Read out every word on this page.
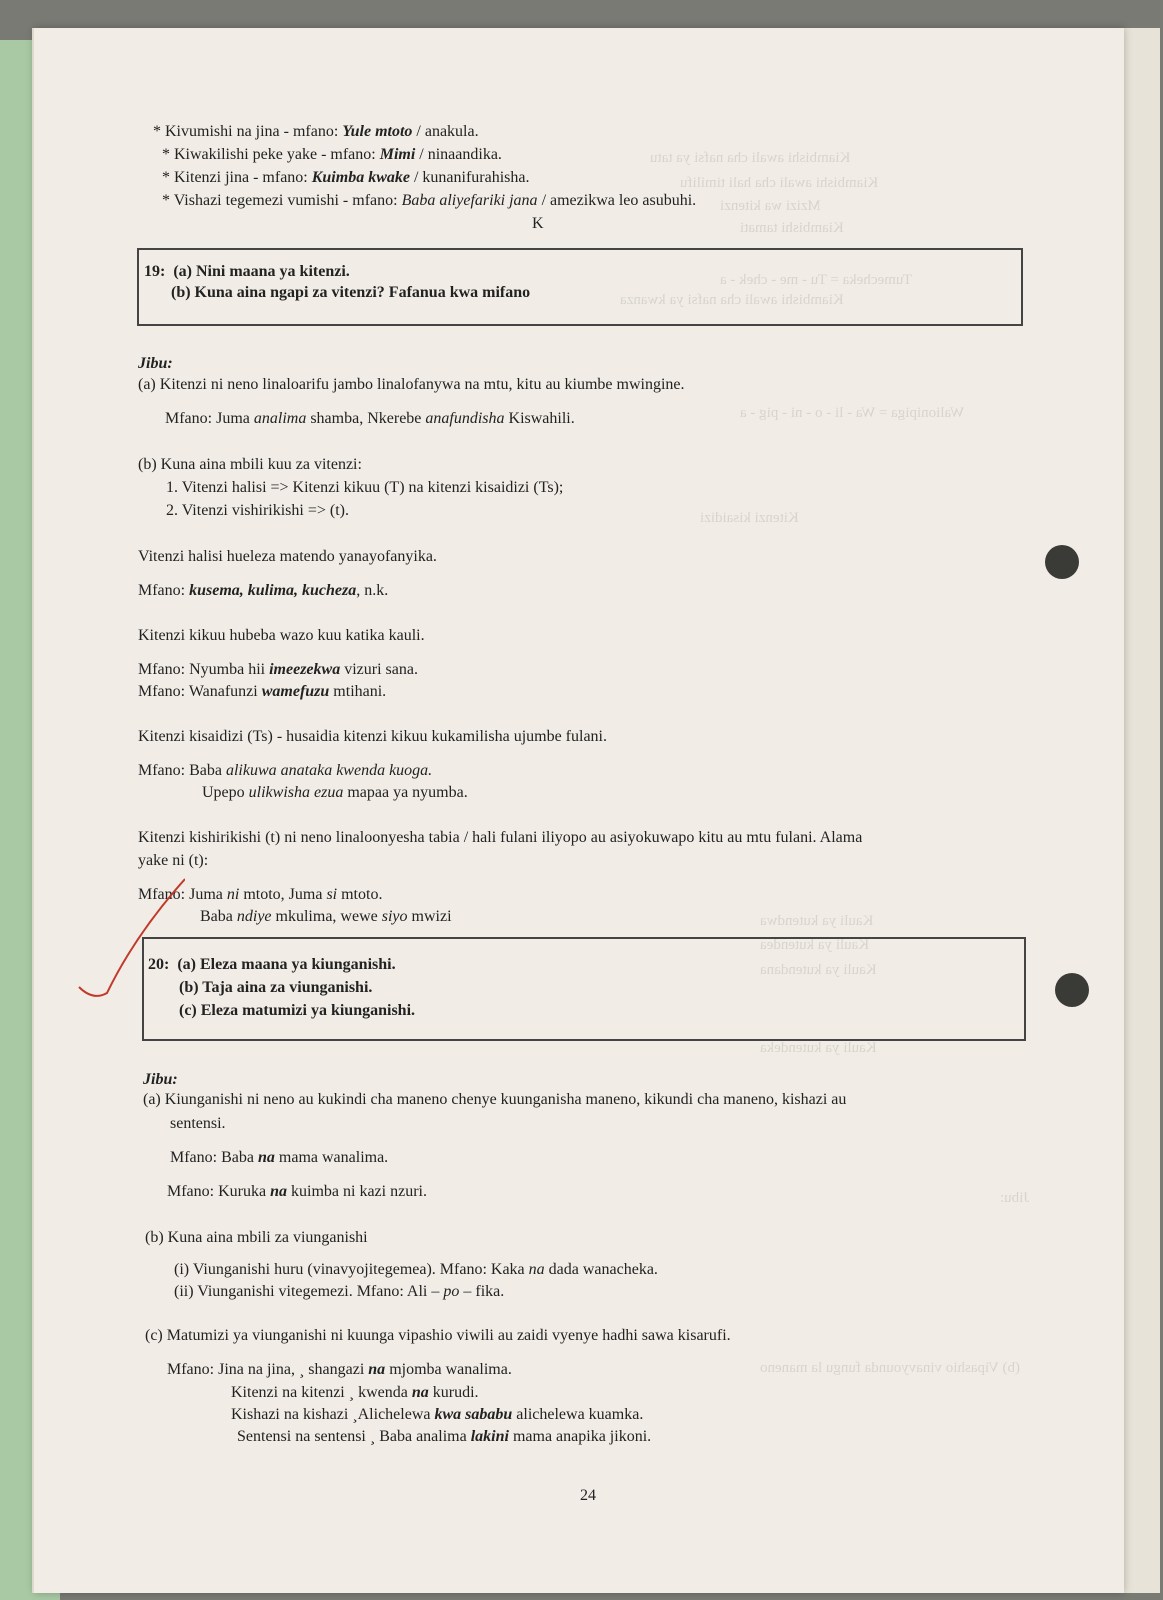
Kiambishi awali cha nafsi ya tatu
Kiambishi awali cha hali timilifu
Mzizi wa kitenzi
Kiambishi tamati
Tumecheka = Tu - me - chek - a
Kiambishi awali cha nafsi ya kwanza
Walionipiga = Wa - li - o - ni - pig - a
Kitenzi kisaidizi
Kauli ya kutendwa
Kauli ya kutendea
Kauli ya kutendana
Kauli ya kutendeka
(b) Vipashio vinavyounda fungu la maneno
Jibu:
* Kivumishi na jina - mfano: Yule mtoto / anakula.
* Kiwakilishi peke yake - mfano: Mimi / ninaandika.
* Kitenzi jina - mfano: Kuimba kwake / kunanifurahisha.
* Vishazi tegemezi vumishi - mfano: Baba aliyefariki jana / amezikwa leo asubuhi.
K
19: (a) Nini maana ya kitenzi.
(b) Kuna aina ngapi za vitenzi? Fafanua kwa mifano
Jibu:
(a) Kitenzi ni neno linaloarifu jambo linalofanywa na mtu, kitu au kiumbe mwingine.
Mfano: Juma analima shamba, Nkerebe anafundisha Kiswahili.
(b) Kuna aina mbili kuu za vitenzi:
1. Vitenzi halisi => Kitenzi kikuu (T) na kitenzi kisaidizi (Ts);
2. Vitenzi vishirikishi => (t).
Vitenzi halisi hueleza matendo yanayofanyika.
Mfano: kusema, kulima, kucheza, n.k.
Kitenzi kikuu hubeba wazo kuu katika kauli.
Mfano: Nyumba hii imeezekwa vizuri sana.
Mfano: Wanafunzi wamefuzu mtihani.
Kitenzi kisaidizi (Ts) - husaidia kitenzi kikuu kukamilisha ujumbe fulani.
Mfano: Baba alikuwa anataka kwenda kuoga.
Upepo ulikwisha ezua mapaa ya nyumba.
Kitenzi kishirikishi (t) ni neno linaloonyesha tabia / hali fulani iliyopo au asiyokuwapo kitu au mtu fulani. Alama
yake ni (t):
Mfano: Juma ni mtoto, Juma si mtoto.
Baba ndiye mkulima, wewe siyo mwizi
20: (a) Eleza maana ya kiunganishi.
(b) Taja aina za viunganishi.
(c) Eleza matumizi ya kiunganishi.
Jibu:
(a) Kiunganishi ni neno au kukindi cha maneno chenye kuunganisha maneno, kikundi cha maneno, kishazi au
sentensi.
Mfano: Baba na mama wanalima.
Mfano: Kuruka na kuimba ni kazi nzuri.
(b) Kuna aina mbili za viunganishi
(i) Viunganishi huru (vinavyojitegemea). Mfano: Kaka na dada wanacheka.
(ii) Viunganishi vitegemezi. Mfano: Ali – po – fika.
(c) Matumizi ya viunganishi ni kuunga vipashio viwili au zaidi vyenye hadhi sawa kisarufi.
Mfano: Jina na jina, ¸ shangazi na mjomba wanalima.
Kitenzi na kitenzi ¸ kwenda na kurudi.
Kishazi na kishazi ¸Alichelewa kwa sababu alichelewa kuamka.
Sentensi na sentensi ¸ Baba analima lakini mama anapika jikoni.
24
